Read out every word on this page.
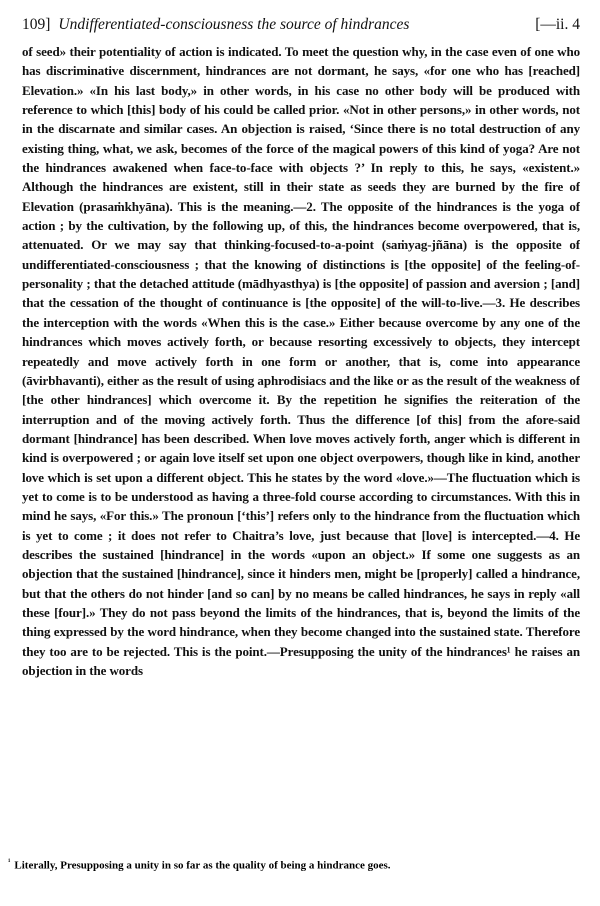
109] Undifferentiated-consciousness the source of hindrances	[—ii. 4

of seed» their potentiality of action is indicated. To meet the question why, in the case even of one who has discriminative discernment, hindrances are not dormant, he says, «for one who has [reached] Elevation.» «In his last body,» in other words, in his case no other body will be produced with reference to which [this] body of his could be called prior. «Not in other persons,» in other words, not in the discarnate and similar cases. An objection is raised, ‘Since there is no total destruction of any existing thing, what, we ask, becomes of the force of the magical powers of this kind of yoga? Are not the hindrances awakened when face-to-face with objects ?’ In reply to this, he says, «existent.» Although the hindrances are existent, still in their state as seeds they are burned by the fire of Elevation (prasaṁkhyāna). This is the meaning.—2. The opposite of the hindrances is the yoga of action ; by the cultivation, by the following up, of this, the hindrances become overpowered, that is, attenuated. Or we may say that thinking-focused-to-a-point (saṁyag-jñāna) is the opposite of undifferentiated-consciousness ; that the knowing of distinctions is [the opposite] of the feeling-of-personality ; that the detached attitude (mādhyasthya) is [the opposite] of passion and aversion ; [and] that the cessation of the thought of continuance is [the opposite] of the will-to-live.—3. He describes the interception with the words «When this is the case.» Either because overcome by any one of the hindrances which moves actively forth, or because resorting excessively to objects, they intercept repeatedly and move actively forth in one form or another, that is, come into appearance (āvirbhavanti), either as the result of using aphrodisiacs and the like or as the result of the weakness of [the other hindrances] which overcome it. By the repetition he signifies the reiteration of the interruption and of the moving actively forth. Thus the difference [of this] from the afore-said dormant [hindrance] has been described. When love moves actively forth, anger which is different in kind is overpowered ; or again love itself set upon one object overpowers, though like in kind, another love which is set upon a different object. This he states by the word «love.»—The fluctuation which is yet to come is to be understood as having a three-fold course according to circumstances. With this in mind he says, «For this.» The pronoun [‘this’] refers only to the hindrance from the fluctuation which is yet to come ; it does not refer to Chaitra’s love, just because that [love] is intercepted.—4. He describes the sustained [hindrance] in the words «upon an object.» If some one suggests as an objection that the sustained [hindrance], since it hinders men, might be [properly] called a hindrance, but that the others do not hinder [and so can] by no means be called hindrances, he says in reply «all these [four].» They do not pass beyond the limits of the hindrances, that is, beyond the limits of the thing expressed by the word hindrance, when they become changed into the sustained state. Therefore they too are to be rejected. This is the point.—Presupposing the unity of the hindrances¹ he raises an objection in the words

$^{^1}$ Literally, Presupposing a unity in so far as the quality of being a hindrance goes.
